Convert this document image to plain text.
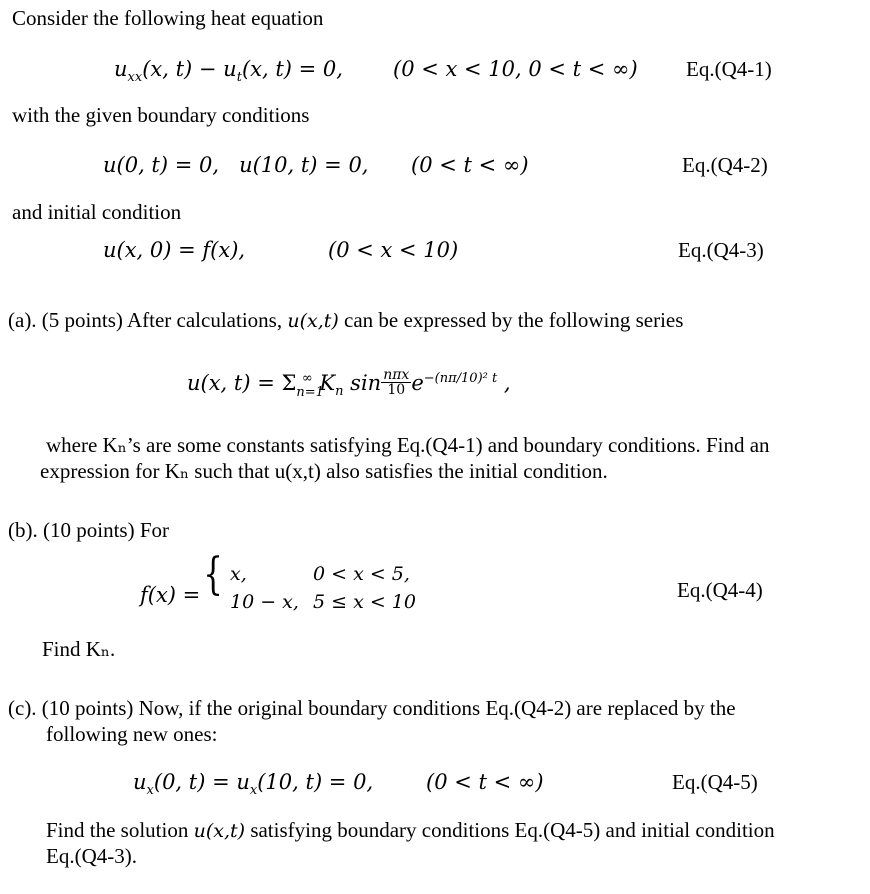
Consider the following heat equation
$u_{xx}(x$, $t) - u_t(x$, t) = 0, (0 < x < 10, 0 < t < ∞) Eq.(Q4-1)
with the given boundary conditions
u(0, t) = 0,   u(10, t) = 0, (0 < t < ∞)	Eq.(Q4-2)
and initial condition
u(x, 0) = f(x),	(0 < x < 10)	Eq.(Q4-3)
(a). (5 points) After calculations, u(x,t) can be expressed by the following series
u(x, $t) = \Sigma_{n=1}^\infty$ $K_n$ $\sin \frac{\text{nπx}}{10} e^{-(n\pi/10)^2 t}$ ,
where Kₙ’s are some constants satisfying Eq.(Q4-1) and boundary conditions. Find an
expression for Kₙ such that u(x,t) also satisfies the initial condition.
(b). (10 points) For
f(x) = { x,	0 < x < 5,
10 − x, 5 ≤ x < 10	Eq.(Q4-4)
Find Kₙ.
(c). (10 points) Now, if the original boundary conditions Eq.(Q4-2) are replaced by the
following new ones:
$u_x(0$, $t) = u_x(10$, t) = 0,	(0 < t < ∞)	Eq.(Q4-5)
Find the solution u(x,t) satisfying boundary conditions Eq.(Q4-5) and initial condition
Eq.(Q4-3).
